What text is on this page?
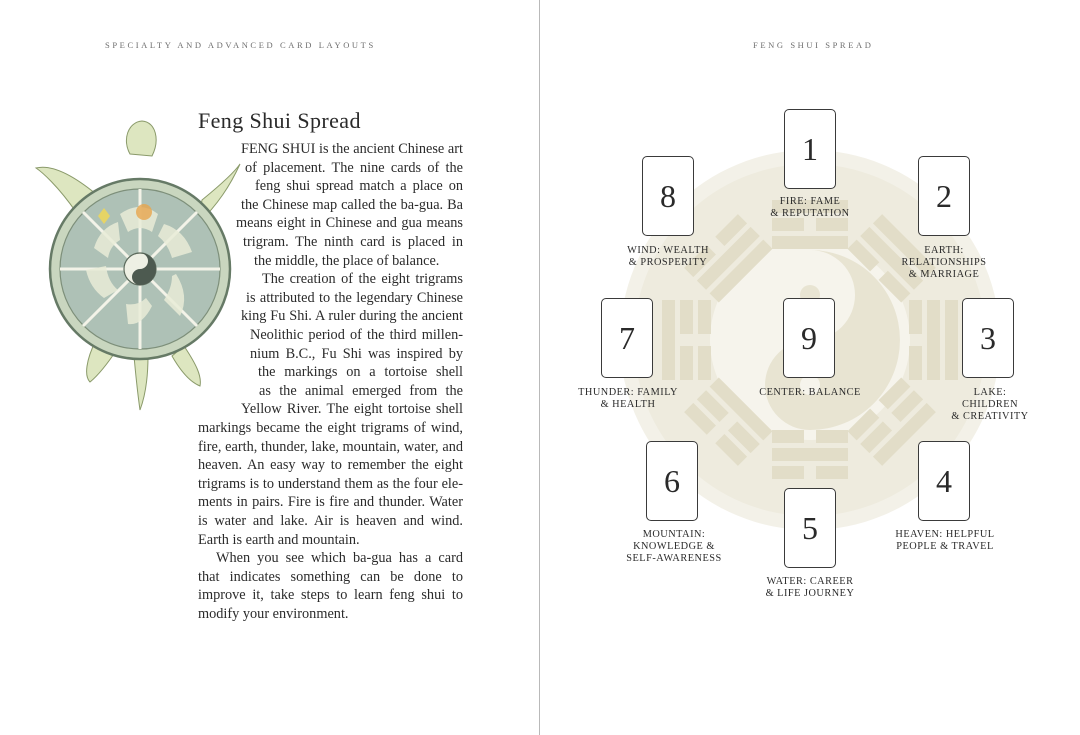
SPECIALTY AND ADVANCED CARD LAYOUTS
Feng Shui Spread
FENG SHUI is the ancient Chinese art
of placement. The nine cards of the
feng shui spread match a place on
the Chinese map called the ba-gua. Ba
means eight in Chinese and gua means
trigram. The ninth card is placed in
the middle, the place of balance.
The creation of the eight trigrams
is attributed to the legendary Chinese
king Fu Shi. A ruler during the ancient
Neolithic period of the third millen-
nium B.C., Fu Shi was inspired by
the markings on a tortoise shell
as the animal emerged from the
Yellow River. The eight tortoise shell
markings became the eight trigrams of wind,
fire, earth, thunder, lake, mountain, water, and
heaven. An easy way to remember the eight
trigrams is to understand them as the four ele-
ments in pairs. Fire is fire and thunder. Water
is water and lake. Air is heaven and wind.
Earth is earth and mountain.
When you see which ba-gua has a card
that indicates something can be done to
improve it, take steps to learn feng shui to
modify your environment.
FENG SHUI SPREAD
1
FIRE: FAME
& REPUTATION	2
EARTH:
RELATIONSHIPS
& MARRIAGE
3
LAKE: CHILDREN
& CREATIVITY
4
HEAVEN: HELPFUL
PEOPLE & TRAVEL
5
WATER: CAREER
& LIFE JOURNEY
6
MOUNTAIN:
KNOWLEDGE &
SELF-AWARENESS
7
THUNDER: FAMILY
& HEALTH
8
WIND: WEALTH
& PROSPERITY
9
CENTER: BALANCE
